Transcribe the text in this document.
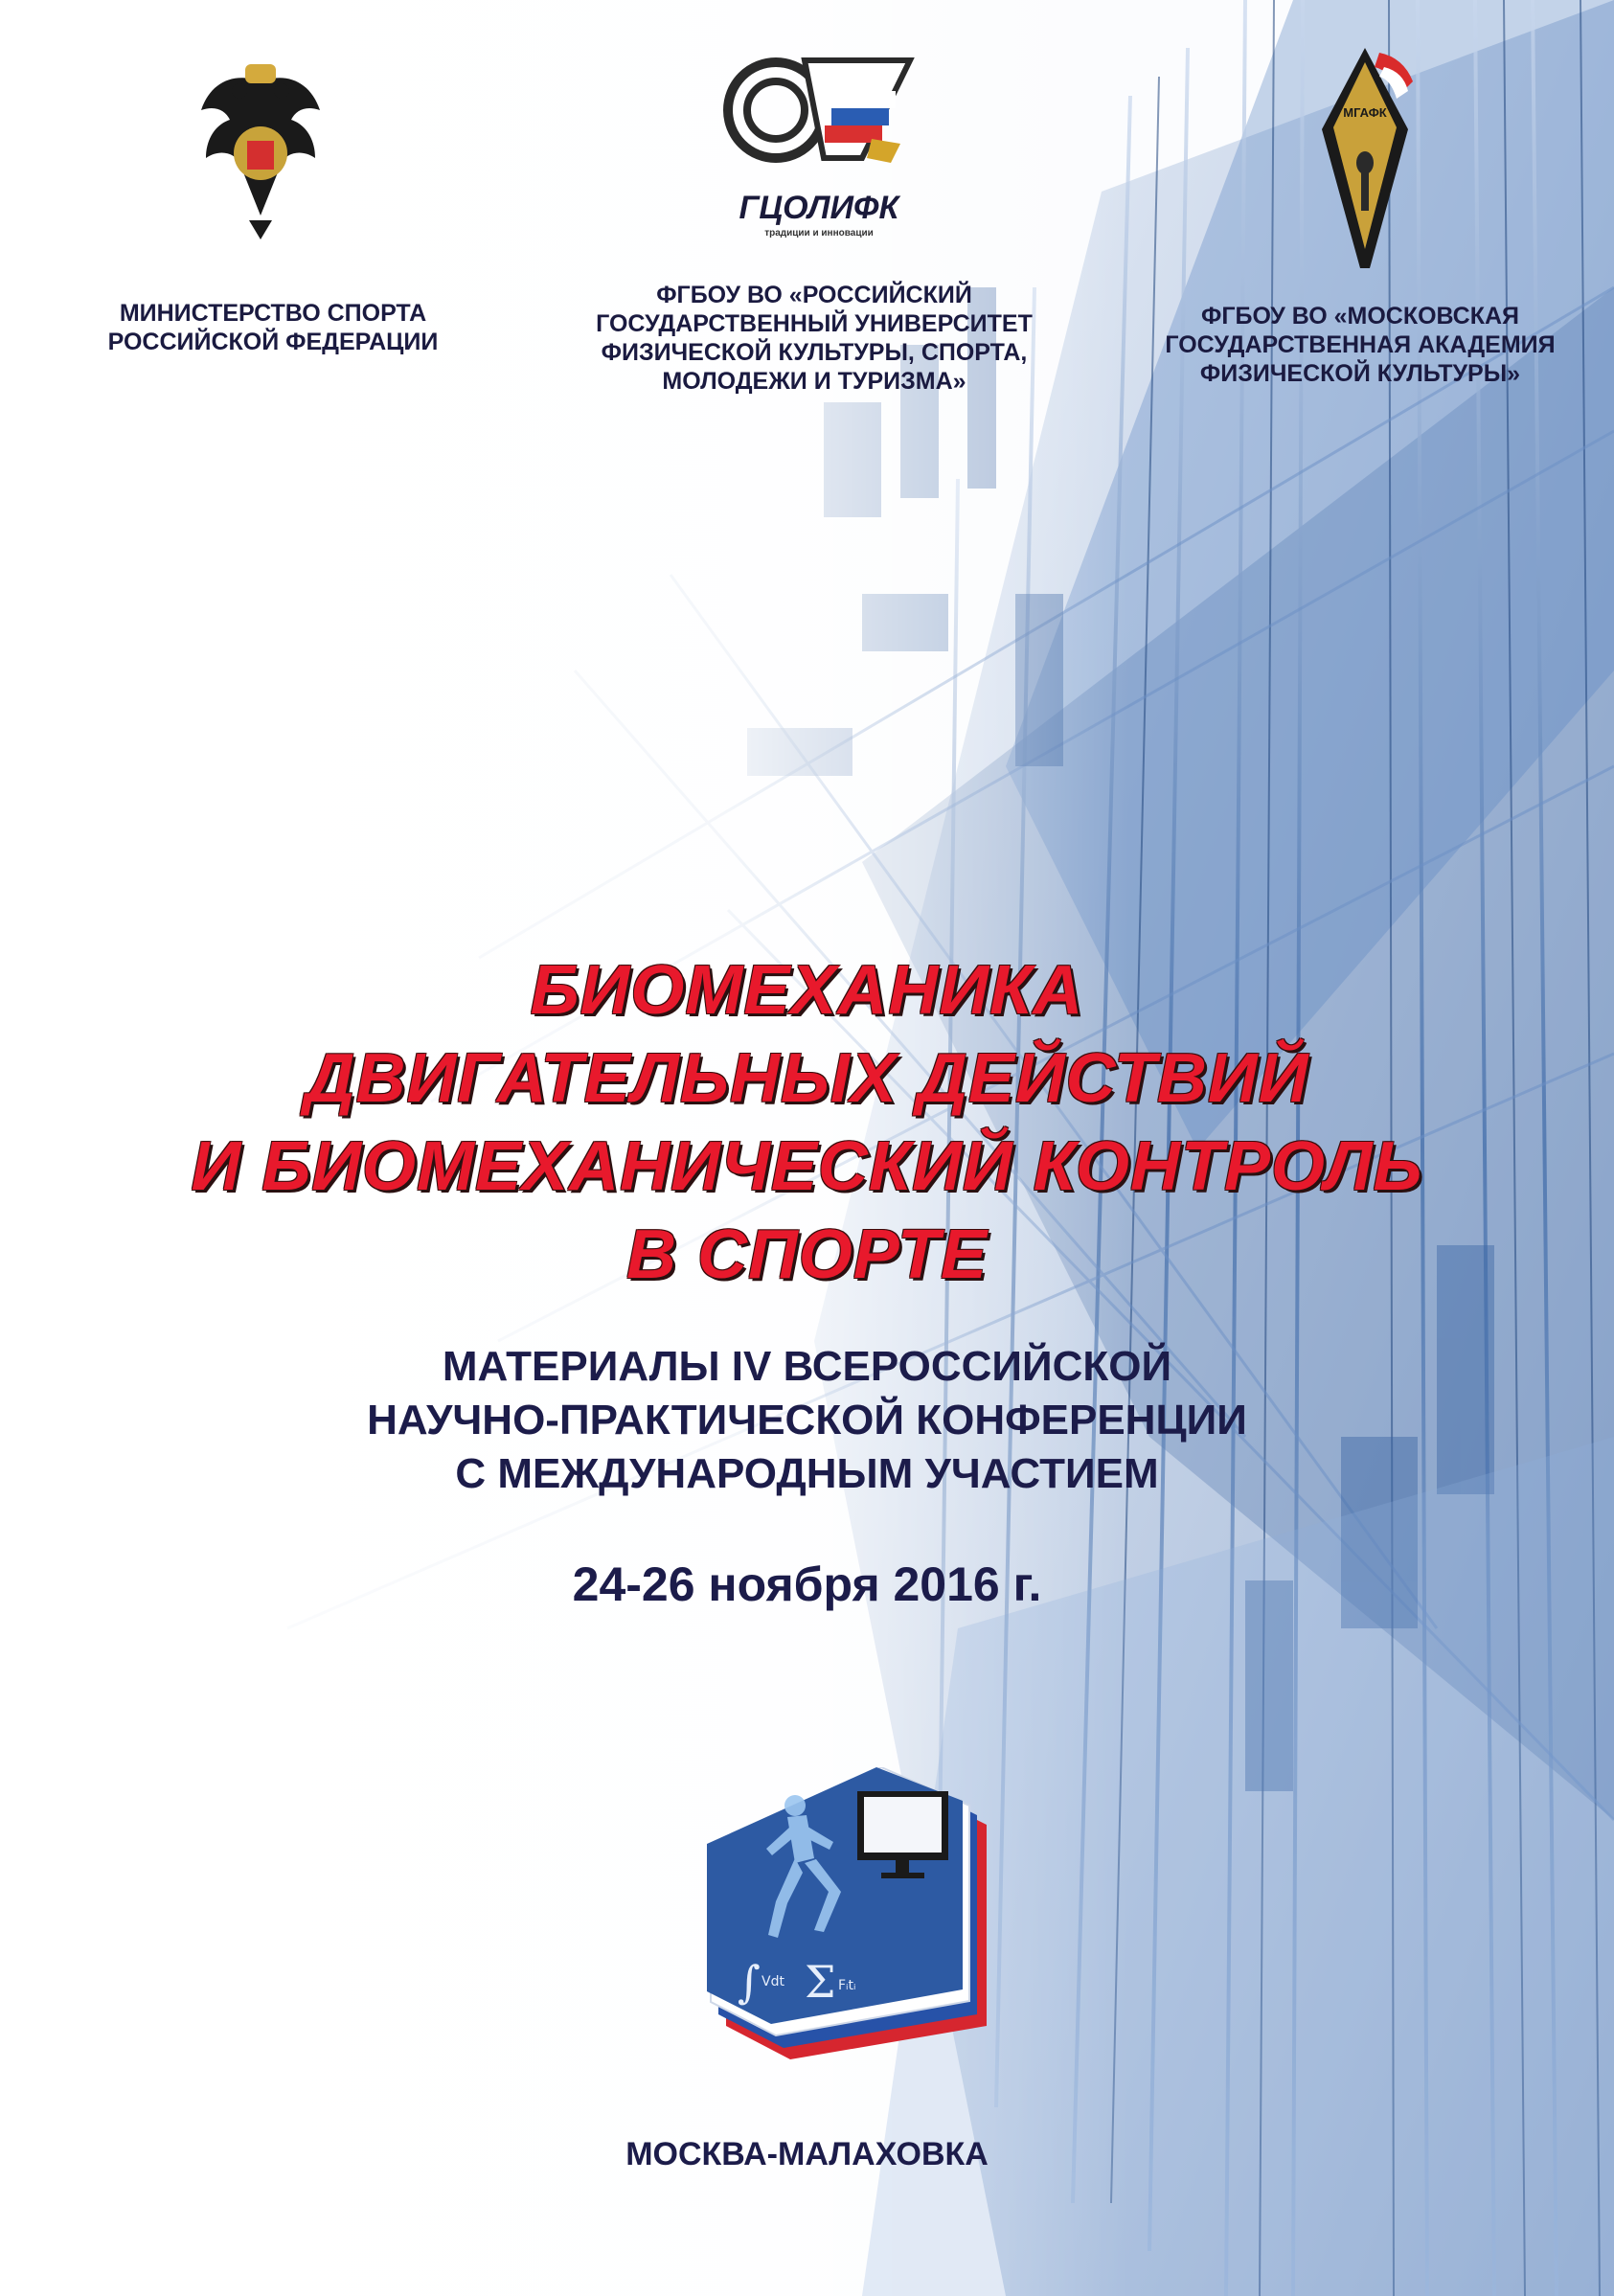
МИНИСТЕРСТВО СПОРТА
РОССИЙСКОЙ ФЕДЕРАЦИИ
ГЦОЛИФК
традиции и инновации
ФГБОУ ВО «РОССИЙСКИЙ
ГОСУДАРСТВЕННЫЙ УНИВЕРСИТЕТ
ФИЗИЧЕСКОЙ КУЛЬТУРЫ, СПОРТА,
МОЛОДЕЖИ И ТУРИЗМА»
МГАФК
ФГБОУ ВО «МОСКОВСКАЯ
ГОСУДАРСТВЕННАЯ АКАДЕМИЯ
ФИЗИЧЕСКОЙ КУЛЬТУРЫ»
БИОМЕХАНИКА
ДВИГАТЕЛЬНЫХ ДЕЙСТВИЙ
И БИОМЕХАНИЧЕСКИЙ КОНТРОЛЬ
В СПОРТЕ
МАТЕРИАЛЫ IV ВСЕРОССИЙСКОЙ
НАУЧНО-ПРАКТИЧЕСКОЙ КОНФЕРЕНЦИИ
С МЕЖДУНАРОДНЫМ УЧАСТИЕМ
24-26 ноября 2016 г.
∫ Vdt Σ Fᵢtᵢ
МОСКВА-МАЛАХОВКА
